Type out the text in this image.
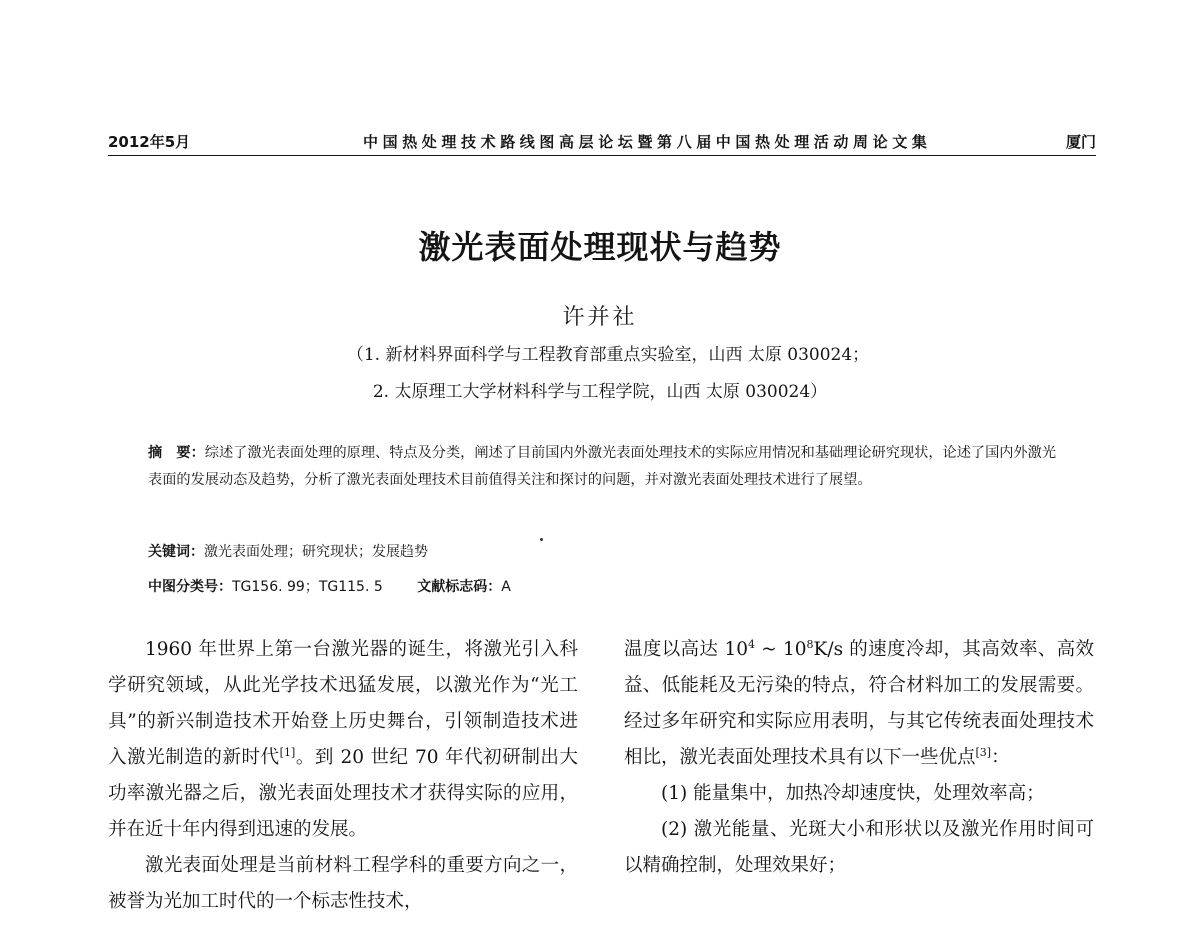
2012年5月	中国热处理技术路线图高层论坛暨第八届中国热处理活动周论文集	厦门
激光表面处理现状与趋势
许并社
（1. 新材料界面科学与工程教育部重点实验室，山西 太原 030024；
2. 太原理工大学材料科学与工程学院，山西 太原 030024）
摘　要：综述了激光表面处理的原理、特点及分类，阐述了目前国内外激光表面处理技术的实际应用情况和基础理论研究现状，论述了国内外激光表面的发展动态及趋势，分析了激光表面处理技术目前值得关注和探讨的问题，并对激光表面处理技术进行了展望。
关键词：激光表面处理；研究现状；发展趋势
中图分类号：TG156. 99；TG115. 5 文献标志码：A

1960 年世界上第一台激光器的诞生，将激光引入科学研究领域，从此光学技术迅猛发展，以激光作为“光工具”的新兴制造技术开始登上历史舞台，引领制造技术进入激光制造的新时代[1]。到 20 世纪 70 年代初研制出大功率激光器之后，激光表面处理技术才获得实际的应用，并在近十年内得到迅速的发展。

激光表面处理是当前材料工程学科的重要方向之一，被誉为光加工时代的一个标志性技术，

温度以高达 $10^4$ ~ $10^8K/s$ 的速度冷却，其高效率、高效益、低能耗及无污染的特点，符合材料加工的发展需要。经过多年研究和实际应用表明，与其它传统表面处理技术相比，激光表面处理技术具有以下一些优点[3]：

(1) 能量集中，加热冷却速度快，处理效率高；

(2) 激光能量、光斑大小和形状以及激光作用时间可以精确控制，处理效果好；
